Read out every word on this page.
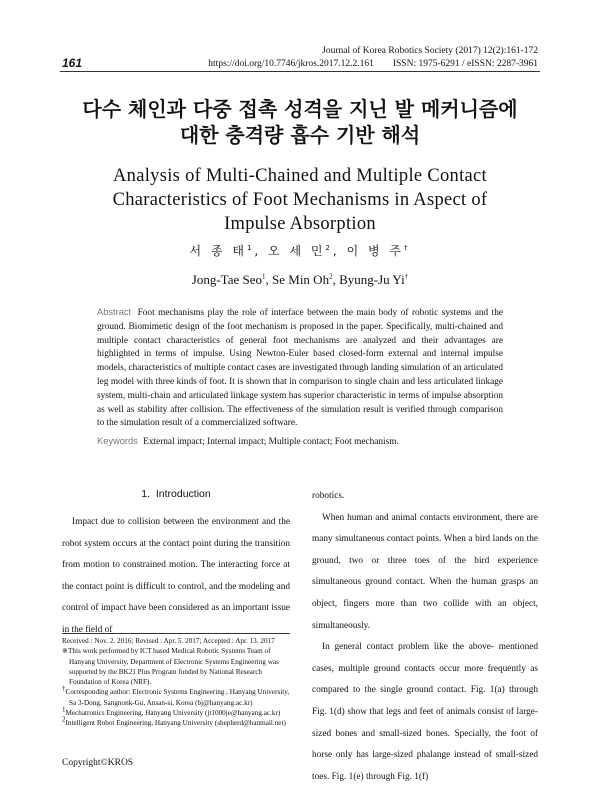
161
Journal of Korea Robotics Society (2017) 12(2):161-172
https://doi.org/10.7746/jkros.2017.12.2.161        ISSN: 1975-6291 / eISSN: 2287-3961
다수 체인과 다중 접촉 성격을 지닌 발 메커니즘에
대한 충격량 흡수 기반 해석
Analysis of Multi-Chained and Multiple Contact
Characteristics of Foot Mechanisms in Aspect of
Impulse Absorption
서 종 태$^1$, 오 세 민$^2$, 이 병 주†
Jong-Tae Seo$^1$, Se Min Oh$^2$, Byung-Ju Yi†
Abstract Foot mechanisms play the role of interface between the main body of robotic systems and the ground. Biomimetic design of the foot mechanism is proposed in the paper. Specifically, multi-chained and multiple contact characteristics of general foot mechanisms are analyzed and their advantages are highlighted in terms of impulse. Using Newton-Euler based closed-form external and internal impulse models, characteristics of multiple contact cases are investigated through landing simulation of an articulated leg model with three kinds of foot. It is shown that in comparison to single chain and less articulated linkage system, multi-chain and articulated linkage system has superior characteristic in terms of impulse absorption as well as stability after collision. The effectiveness of the simulation result is verified through comparison to the simulation result of a commercialized software.
Keywords External impact; Internal impact; Multiple contact; Foot mechanism.
1.  Introduction

Impact due to collision between the environment and the robot system occurs at the contact point during the transition from motion to constrained motion. The interacting force at the contact point is difficult to control, and the modeling and control of impact have been considered as an important issue in the field of

robotics.

When human and animal contacts environment, there are many simultaneous contact points. When a bird lands on the ground, two or three toes of the bird experience simultaneous ground contact. When the human grasps an object, fingers more than two collide with an object, simultaneously.

In general contact problem like the above- mentioned cases, multiple ground contacts occur more frequently as compared to the single ground contact. Fig. 1(a) through Fig. 1(d) show that legs and feet of animals consist of large-sized bones and small-sized bones. Specially, the foot of horse only has large-sized phalange instead of small-sized toes. Fig. 1(e) through Fig. 1(f)

Received : Nov. 2. 2016; Revised : Apr. 5. 2017; Accepted : Apr. 13. 2017
※This work performed by ICT based Medical Robotic Systems Team of
Hanyang University, Department of Electronic Systems Engineering was
supported by the BK21 Plus Program funded by National Research
Foundation of Korea (NRF).
†Corresponding author: Electronic Systems Engineering , Hanyang University,
Sa 3-Dong, Sangnonk-Gu, Ansan-si, Korea (bj@hanyang.ac.kr)
$^1$Mechatronics Engineering, Hanyang University (jt1000je@hanyang.ac.kr)
$^2$Intelligent Robot Engineering, Hanyang University (shepherd@hanmail.net)
Copyright©KROS
